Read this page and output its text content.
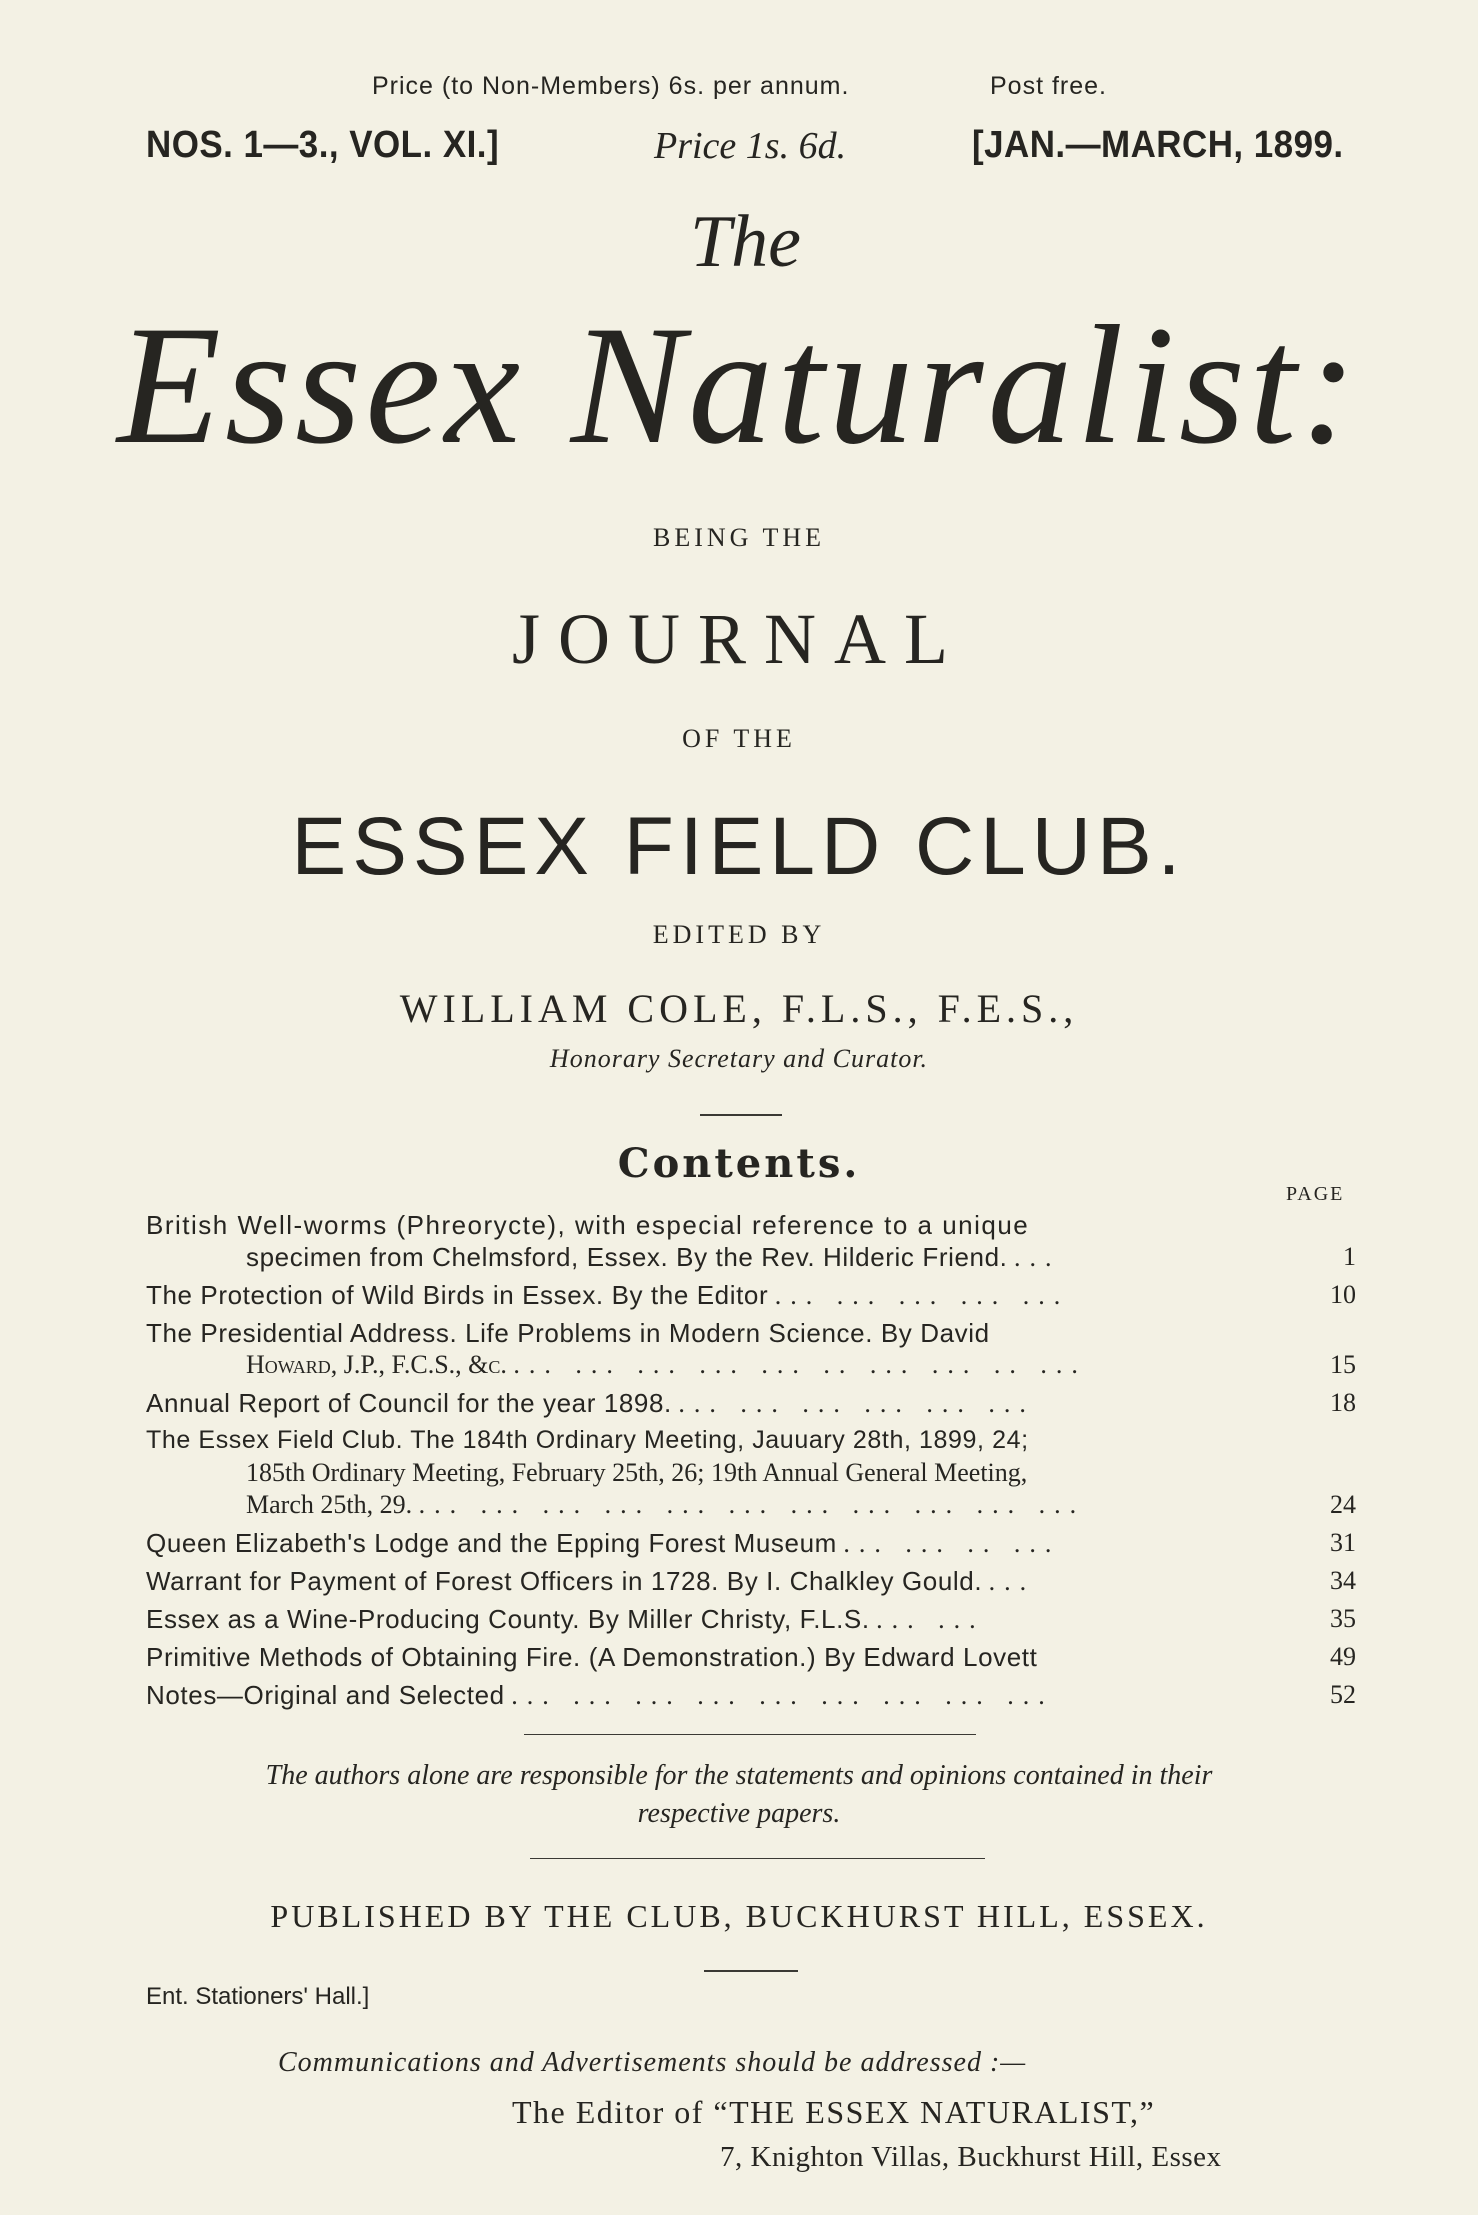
Price (to Non-Members) 6s. per annum.	Post free.
NOS. 1—3., VOL. XI.]	Price 1s. 6d.	[JAN.—MARCH, 1899.
The
Essex Naturalist:
BEING THE
JOURNAL
OF THE
ESSEX FIELD CLUB.
EDITED BY
WILLIAM COLE, F.L.S., F.E.S.,
Honorary Secretary and Curator.
Contents.
PAGE
British Well-worms (Phreorycte), with especial reference to a unique
specimen from Chelmsford, Essex. By the Rev. Hilderic Friend. ...	1
The Protection of Wild Birds in Essex. By the Editor ... ... ... ... ...	10
The Presidential Address. Life Problems in Modern Science. By David
Howard, J.P., F.C.S., &c. ... ... ... ... ... .. ... ... .. ...	15
Annual Report of Council for the year 1898. ... ... ... ... ... ...	18
The Essex Field Club. The 184th Ordinary Meeting, Jauuary 28th, 1899, 24;
185th Ordinary Meeting, February 25th, 26; 19th Annual General Meeting,
March 25th, 29. ... ... ... ... ... ... ... ... ... ... ...	24
Queen Elizabeth's Lodge and the Epping Forest Museum ... ... .. ...	31
Warrant for Payment of Forest Officers in 1728. By I. Chalkley Gould. ...	34
Essex as a Wine-Producing County. By Miller Christy, F.L.S. ... ...	35
Primitive Methods of Obtaining Fire. (A Demonstration.) By Edward Lovett	49
Notes—Original and Selected ... ... ... ... ... ... ... ... ...	52
The authors alone are responsible for the statements and opinions contained in their
respective papers.
PUBLISHED BY THE CLUB, BUCKHURST HILL, ESSEX.
Ent. Stationers' Hall.]
Communications and Advertisements should be addressed :—
The Editor of “THE ESSEX NATURALIST,”
7, Knighton Villas, Buckhurst Hill, Essex
